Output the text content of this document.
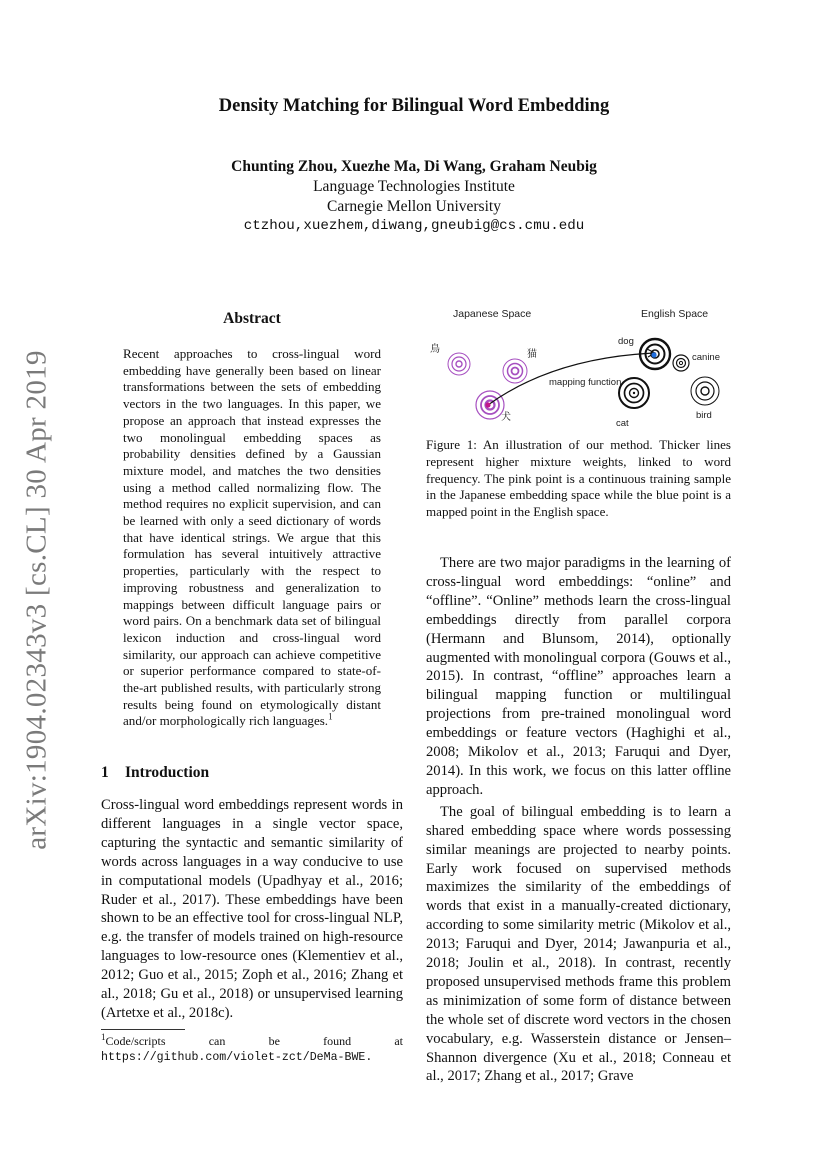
arXiv:1904.02343v3 [cs.CL] 30 Apr 2019
Density Matching for Bilingual Word Embedding
Chunting Zhou, Xuezhe Ma, Di Wang, Graham Neubig
Language Technologies Institute
Carnegie Mellon University
ctzhou,xuezhem,diwang,gneubig@cs.cmu.edu
Abstract
Recent approaches to cross-lingual word embedding have generally been based on linear transformations between the sets of embedding vectors in the two languages. In this paper, we propose an approach that instead expresses the two monolingual embedding spaces as probability densities defined by a Gaussian mixture model, and matches the two densities using a method called normalizing flow. The method requires no explicit supervision, and can be learned with only a seed dictionary of words that have identical strings. We argue that this formulation has several intuitively attractive properties, particularly with the respect to improving robustness and generalization to mappings between difficult language pairs or word pairs. On a benchmark data set of bilingual lexicon induction and cross-lingual word similarity, our approach can achieve competitive or superior performance compared to state-of-the-art published results, with particularly strong results being found on etymologically distant and/or morphologically rich languages.$^1$
1 Introduction
Cross-lingual word embeddings represent words in different languages in a single vector space, capturing the syntactic and semantic similarity of words across languages in a way conducive to use in computational models (Upadhyay et al., 2016; Ruder et al., 2017). These embeddings have been shown to be an effective tool for cross-lingual NLP, e.g. the transfer of models trained on high-resource languages to low-resource ones (Klementiev et al., 2012; Guo et al., 2015; Zoph et al., 2016; Zhang et al., 2018; Gu et al., 2018) or unsupervised learning (Artetxe et al., 2018c).
$^1$Code/scripts can be found at https://github.com/violet-zct/DeMa-BWE.
Japanese Space	English Space
鳥	猫
犬
dog
canine
cat
bird
mapping function
Figure 1: An illustration of our method. Thicker lines represent higher mixture weights, linked to word frequency. The pink point is a continuous training sample in the Japanese embedding space while the blue point is a mapped point in the English space.

There are two major paradigms in the learning of cross-lingual word embeddings: “online” and “offline”. “Online” methods learn the cross-lingual embeddings directly from parallel corpora (Hermann and Blunsom, 2014), optionally augmented with monolingual corpora (Gouws et al., 2015). In contrast, “offline” approaches learn a bilingual mapping function or multilingual projections from pre-trained monolingual word embeddings or feature vectors (Haghighi et al., 2008; Mikolov et al., 2013; Faruqui and Dyer, 2014). In this work, we focus on this latter offline approach.

The goal of bilingual embedding is to learn a shared embedding space where words possessing similar meanings are projected to nearby points. Early work focused on supervised methods maximizes the similarity of the embeddings of words that exist in a manually-created dictionary, according to some similarity metric (Mikolov et al., 2013; Faruqui and Dyer, 2014; Jawanpuria et al., 2018; Joulin et al., 2018). In contrast, recently proposed unsupervised methods frame this problem as minimization of some form of distance between the whole set of discrete word vectors in the chosen vocabulary, e.g. Wasserstein distance or Jensen–Shannon divergence (Xu et al., 2018; Conneau et al., 2017; Zhang et al., 2017; Grave
